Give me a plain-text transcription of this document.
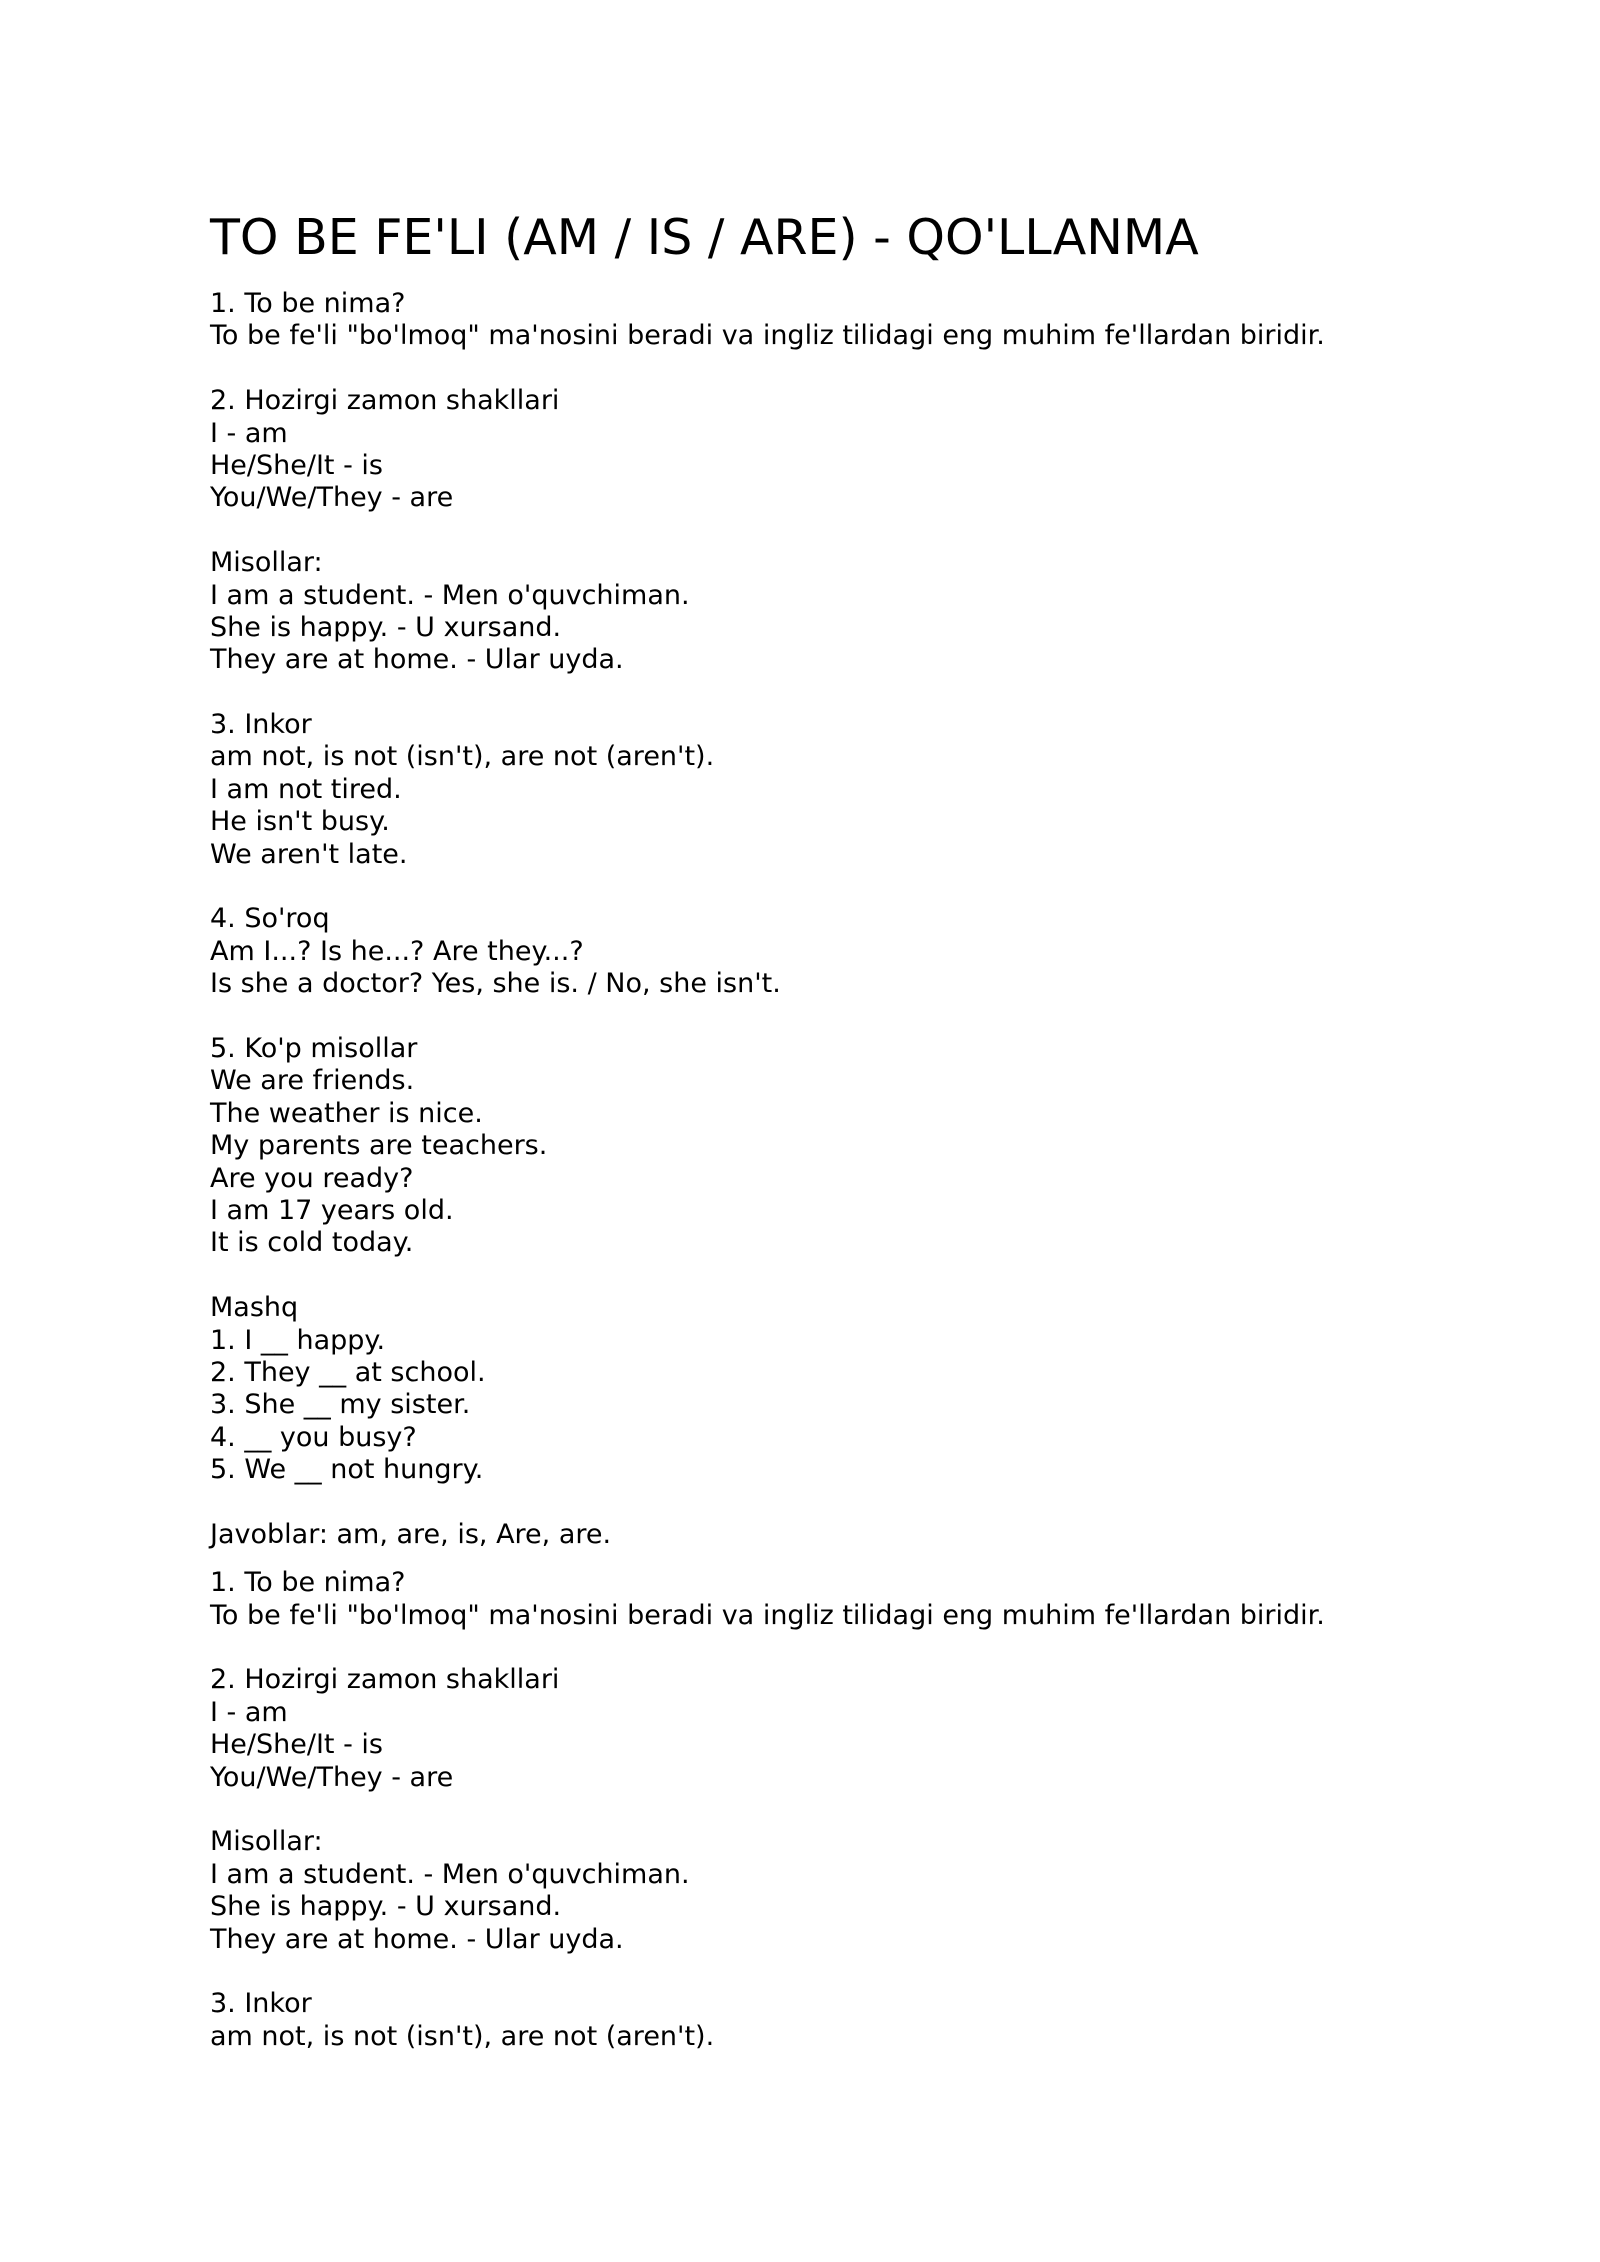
TO BE FE'LI (AM / IS / ARE) - QO'LLANMA
1. To be nima?
To be fe'li "bo'lmoq" ma'nosini beradi va ingliz tilidagi eng muhim fe'llardan biridir.
2. Hozirgi zamon shakllari
I - am
He/She/It - is
You/We/They - are
Misollar:
I am a student. - Men o'quvchiman.
She is happy. - U xursand.
They are at home. - Ular uyda.
3. Inkor
am not, is not (isn't), are not (aren't).
I am not tired.
He isn't busy.
We aren't late.
4. So'roq
Am I...? Is he...? Are they...?
Is she a doctor? Yes, she is. / No, she isn't.
5. Ko'p misollar
We are friends.
The weather is nice.
My parents are teachers.
Are you ready?
I am 17 years old.
It is cold today.
Mashq
1. I __ happy.
2. They __ at school.
3. She __ my sister.
4. __ you busy?
5. We __ not hungry.
Javoblar: am, are, is, Are, are.
1. To be nima?
To be fe'li "bo'lmoq" ma'nosini beradi va ingliz tilidagi eng muhim fe'llardan biridir.
2. Hozirgi zamon shakllari
I - am
He/She/It - is
You/We/They - are
Misollar:
I am a student. - Men o'quvchiman.
She is happy. - U xursand.
They are at home. - Ular uyda.
3. Inkor
am not, is not (isn't), are not (aren't).
